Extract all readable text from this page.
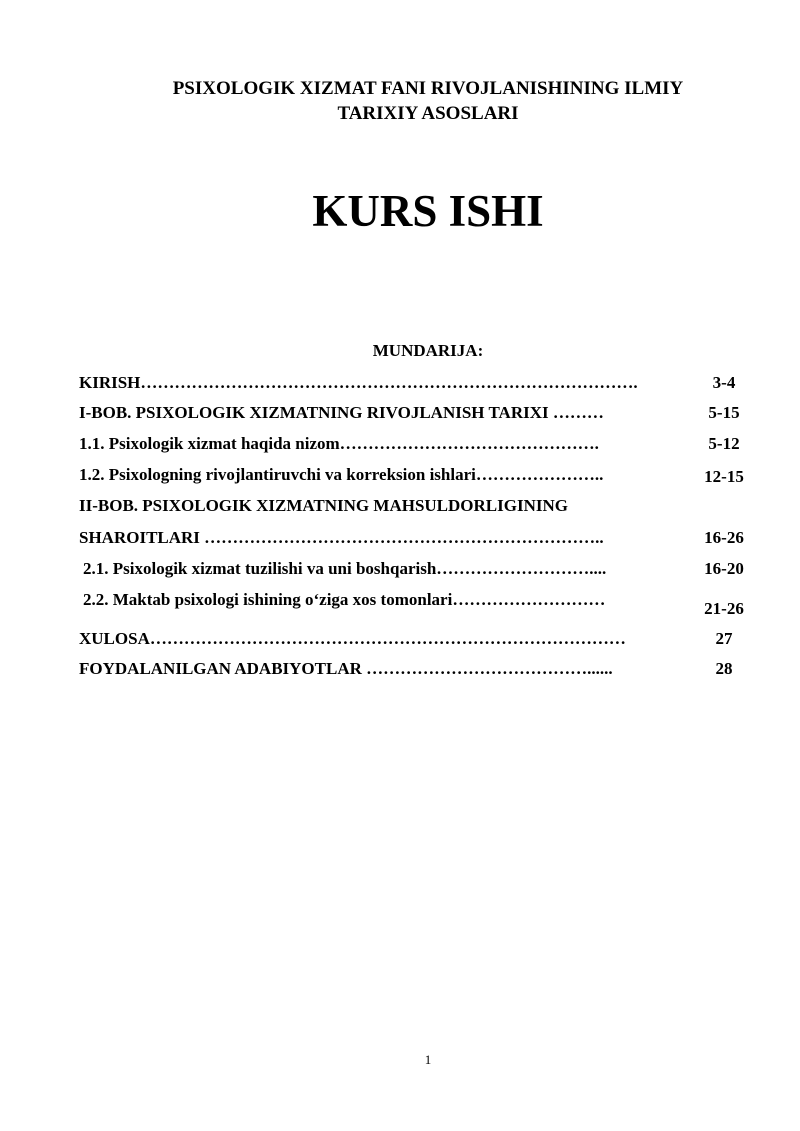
PSIXOLOGIK XIZMAT FANI RIVOJLANISHINING ILMIY
TARIXIY ASOSLARI
KURS ISHI
MUNDARIJA:
KIRISH…………………………………………………………………………….	3-4
I-BOB. PSIXOLOGIK XIZMATNING RIVOJLANISH TARIXI ………	5-15
1.1. Psixologik xizmat haqida nizom……………………………………….	5-12
1.2. Psixologning rivojlantiruvchi va korreksion ishlari…………………..	12-15
II-BOB. PSIXOLOGIK XIZMATNING MAHSULDORLIGINING
SHAROITLARI ……………………………………………………………..	16-26
2.1. Psixologik xizmat tuzilishi va uni boshqarish………………………....	16-20
2.2. Maktab psixologi ishining o‘ziga xos tomonlari………………………	21-26
XULOSA…………………………………………………………………………	27
FOYDALANILGAN ADABIYOTLAR …………………………………......	28
1
